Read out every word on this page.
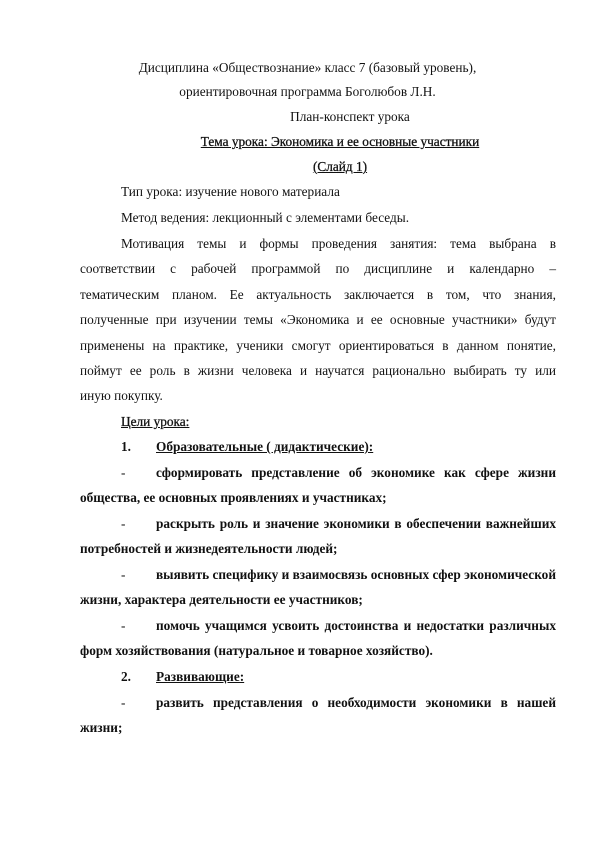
Дисциплина «Обществознание» класс 7 (базовый уровень),
ориентировочная программа Боголюбов Л.Н.
План-конспект урока
Тема урока: Экономика и ее основные участники
(Слайд 1)
Тип урока: изучение нового материала
Метод ведения: лекционный с элементами беседы.
Мотивация темы и формы проведения занятия: тема выбрана в
соответствии с рабочей программой по дисциплине и календарно –
тематическим планом. Ее актуальность заключается в том, что знания,
полученные при изучении темы «Экономика и ее основные участники» будут
применены на практике, ученики смогут ориентироваться в данном понятие,
поймут ее роль в жизни человека и научатся рационально выбирать ту или
иную покупку.
Цели урока:
1. Образовательные ( дидактические):
- сформировать представление об экономике как сфере жизни
общества, ее основных проявлениях и участниках;
- раскрыть роль и значение экономики в обеспечении важнейших
потребностей и жизнедеятельности людей;
- выявить специфику и взаимосвязь основных сфер экономической
жизни, характера деятельности ее участников;
- помочь учащимся усвоить достоинства и недостатки различных
форм хозяйствования (натуральное и товарное хозяйство).
2. Развивающие:
- развить представления о необходимости экономики в нашей
жизни;
